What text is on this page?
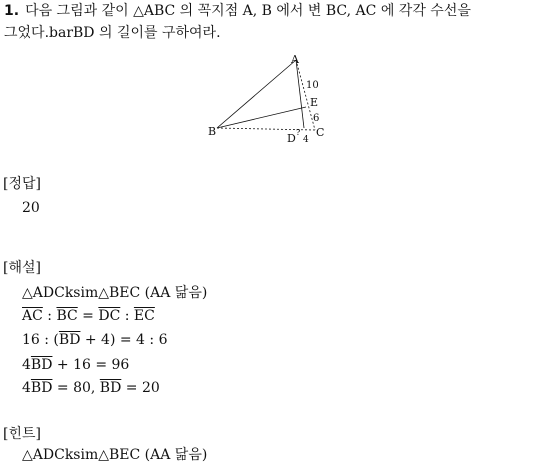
1. 다음 그림과 같이 △ABC 의 꼭지점 A, B 에서 변 BC, AC 에 각각 수선을
그었다.barBD 의 길이를 구하여라.
A
10
E
6
B
D ?
4
C
[정답]
20
[해설]
△ADCksim△BEC (AA 닮음)
$\overline{AC}$ : $\overline{BC} = \overline{DC}$ : $\overline{EC}$
16 : $(\overline{BD} + 4) = 4$ : 6
$4\overline{BD} + 16 = 96$
$4\overline{BD} = 80$, $\overline{BD} = 20$
[힌트]
△ADCksim△BEC (AA 닮음)
